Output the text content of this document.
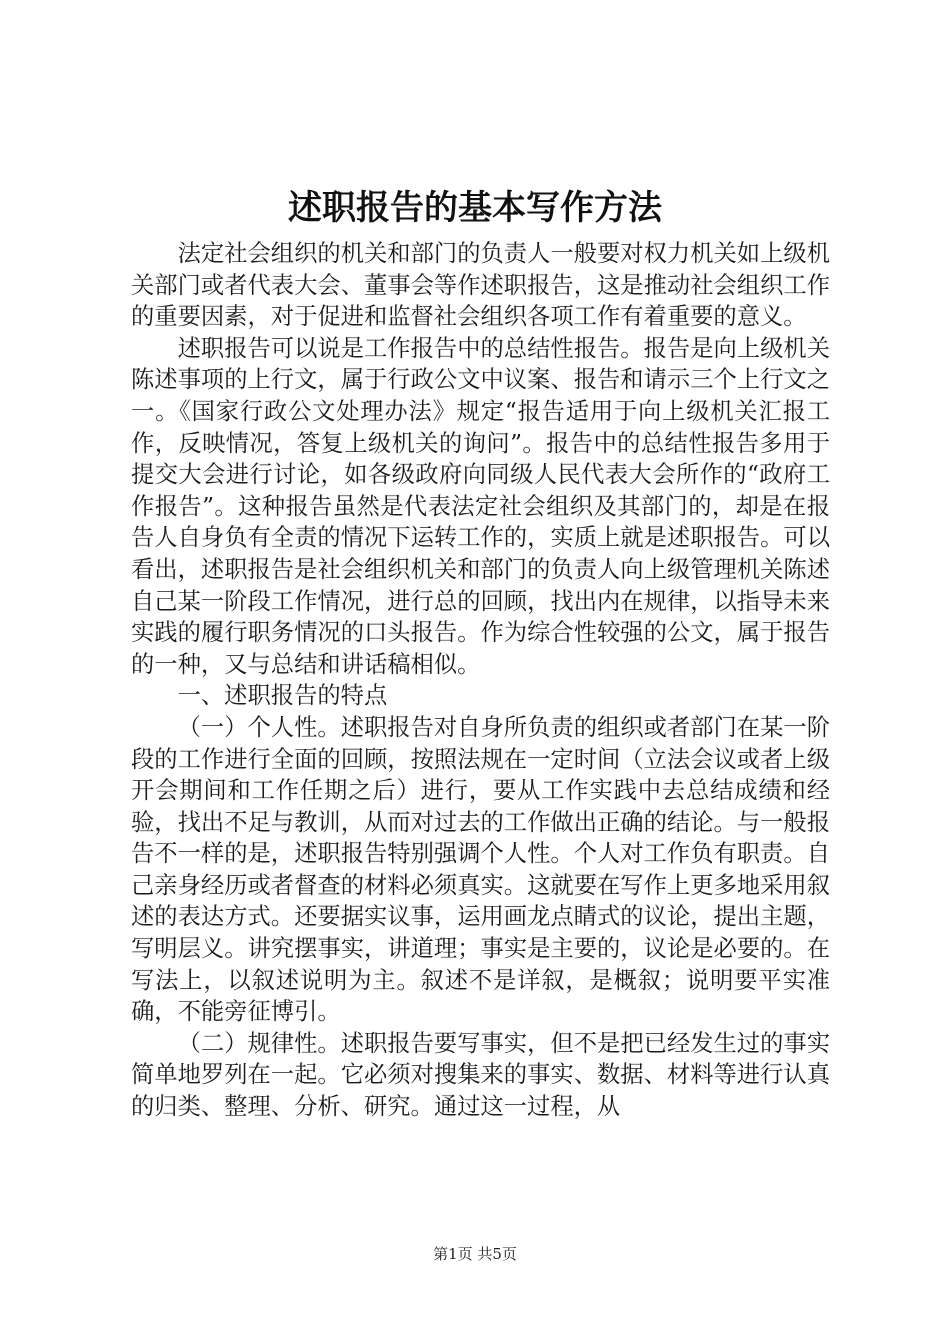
述职报告的基本写作方法

法定社会组织的机关和部门的负责人一般要对权力机关如上级机关部门或者代表大会、董事会等作述职报告，这是推动社会组织工作的重要因素，对于促进和监督社会组织各项工作有着重要的意义。

述职报告可以说是工作报告中的总结性报告。报告是向上级机关陈述事项的上行文，属于行政公文中议案、报告和请示三个上行文之一。《国家行政公文处理办法》规定“报告适用于向上级机关汇报工作，反映情况，答复上级机关的询问”。报告中的总结性报告多用于提交大会进行讨论，如各级政府向同级人民代表大会所作的“政府工作报告”。这种报告虽然是代表法定社会组织及其部门的，却是在报告人自身负有全责的情况下运转工作的，实质上就是述职报告。可以看出，述职报告是社会组织机关和部门的负责人向上级管理机关陈述自己某一阶段工作情况，进行总的回顾，找出内在规律，以指导未来实践的履行职务情况的口头报告。作为综合性较强的公文，属于报告的一种，又与总结和讲话稿相似。

一、述职报告的特点

（一）个人性。述职报告对自身所负责的组织或者部门在某一阶段的工作进行全面的回顾，按照法规在一定时间（立法会议或者上级开会期间和工作任期之后）进行，要从工作实践中去总结成绩和经验，找出不足与教训，从而对过去的工作做出正确的结论。与一般报告不一样的是，述职报告特别强调个人性。个人对工作负有职责。自己亲身经历或者督查的材料必须真实。这就要在写作上更多地采用叙述的表达方式。还要据实议事，运用画龙点睛式的议论，提出主题，写明层义。讲究摆事实，讲道理；事实是主要的，议论是必要的。在写法上，以叙述说明为主。叙述不是详叙，是概叙；说明要平实准确，不能旁征博引。

（二）规律性。述职报告要写事实，但不是把已经发生过的事实简单地罗列在一起。它必须对搜集来的事实、数据、材料等进行认真的归类、整理、分析、研究。通过这一过程，从

第1页 共5页
